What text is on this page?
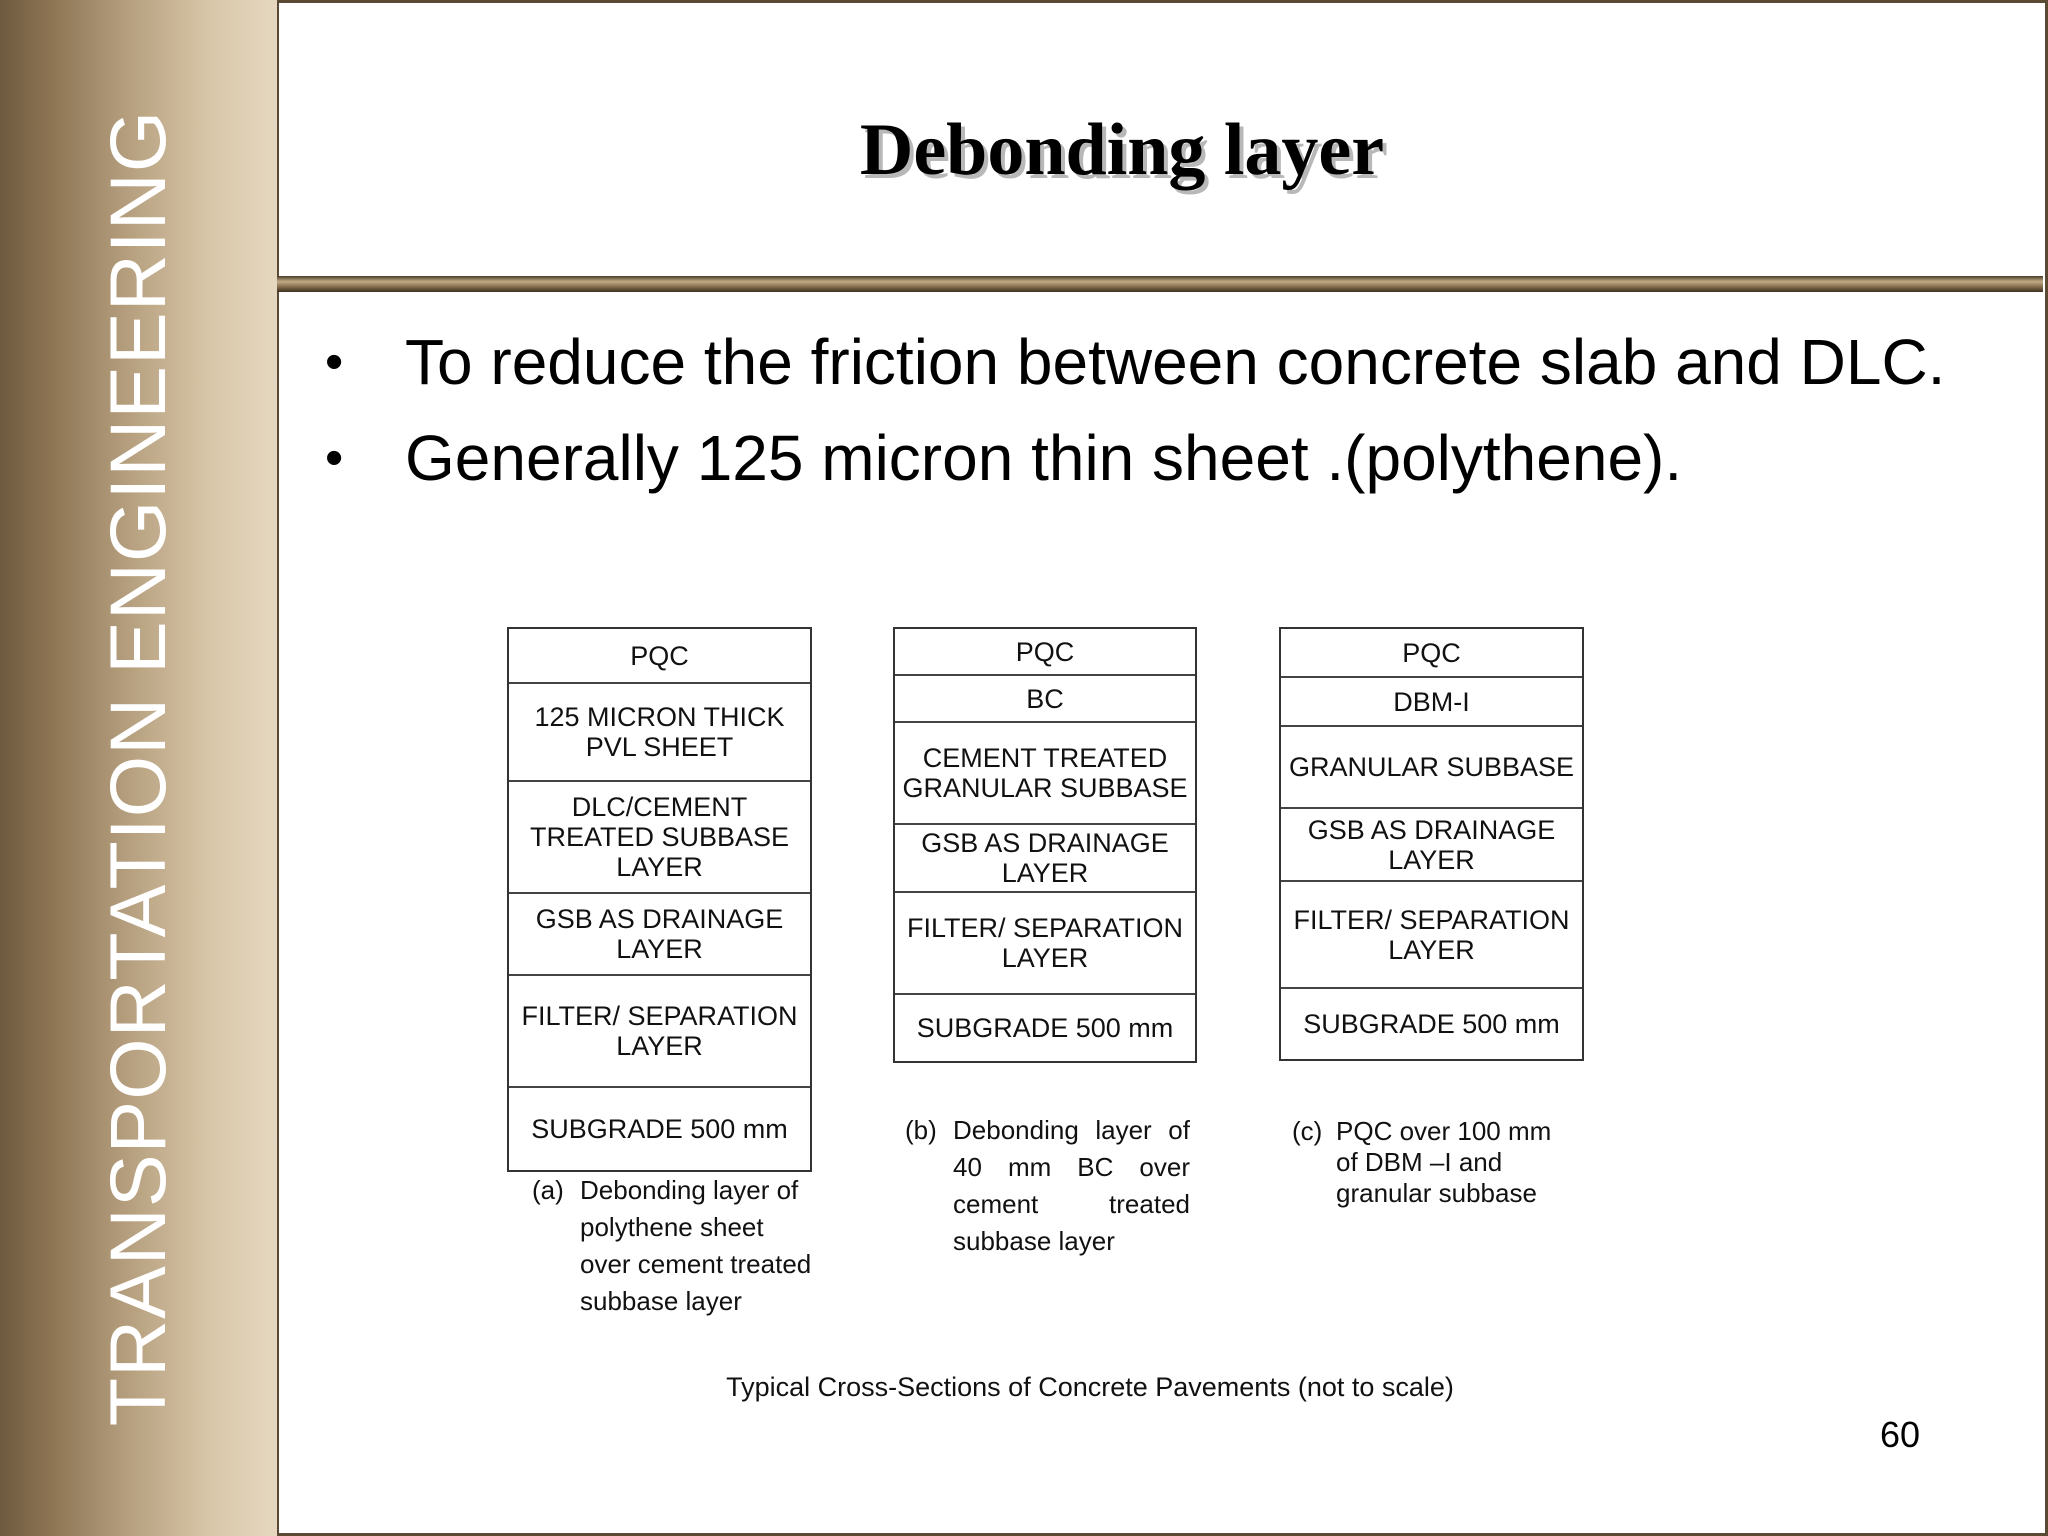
TRANSPORTATION ENGINEERING	Debonding layer
• To reduce the friction between concrete slab and DLC.
• Generally 125 micron thin sheet .(polythene).
PQC
125 MICRON THICK PVL SHEET
DLC/CEMENT TREATED SUBBASE LAYER
GSB AS DRAINAGE LAYER
FILTER/ SEPARATION LAYER
SUBGRADE 500 mm
PQC
BC
CEMENT TREATED GRANULAR SUBBASE
GSB AS DRAINAGE LAYER
FILTER/ SEPARATION LAYER
SUBGRADE 500 mm
PQC
DBM-I
GRANULAR SUBBASE
GSB AS DRAINAGE LAYER
FILTER/ SEPARATION LAYER
SUBGRADE 500 mm
(a) Debonding layer of polythene sheet over cement treated subbase layer
(b) Debonding layer of 40 mm BC over cement treated subbase layer
(c) PQC over 100 mm of DBM –I and granular subbase
Typical Cross-Sections of Concrete Pavements (not to scale)
60
